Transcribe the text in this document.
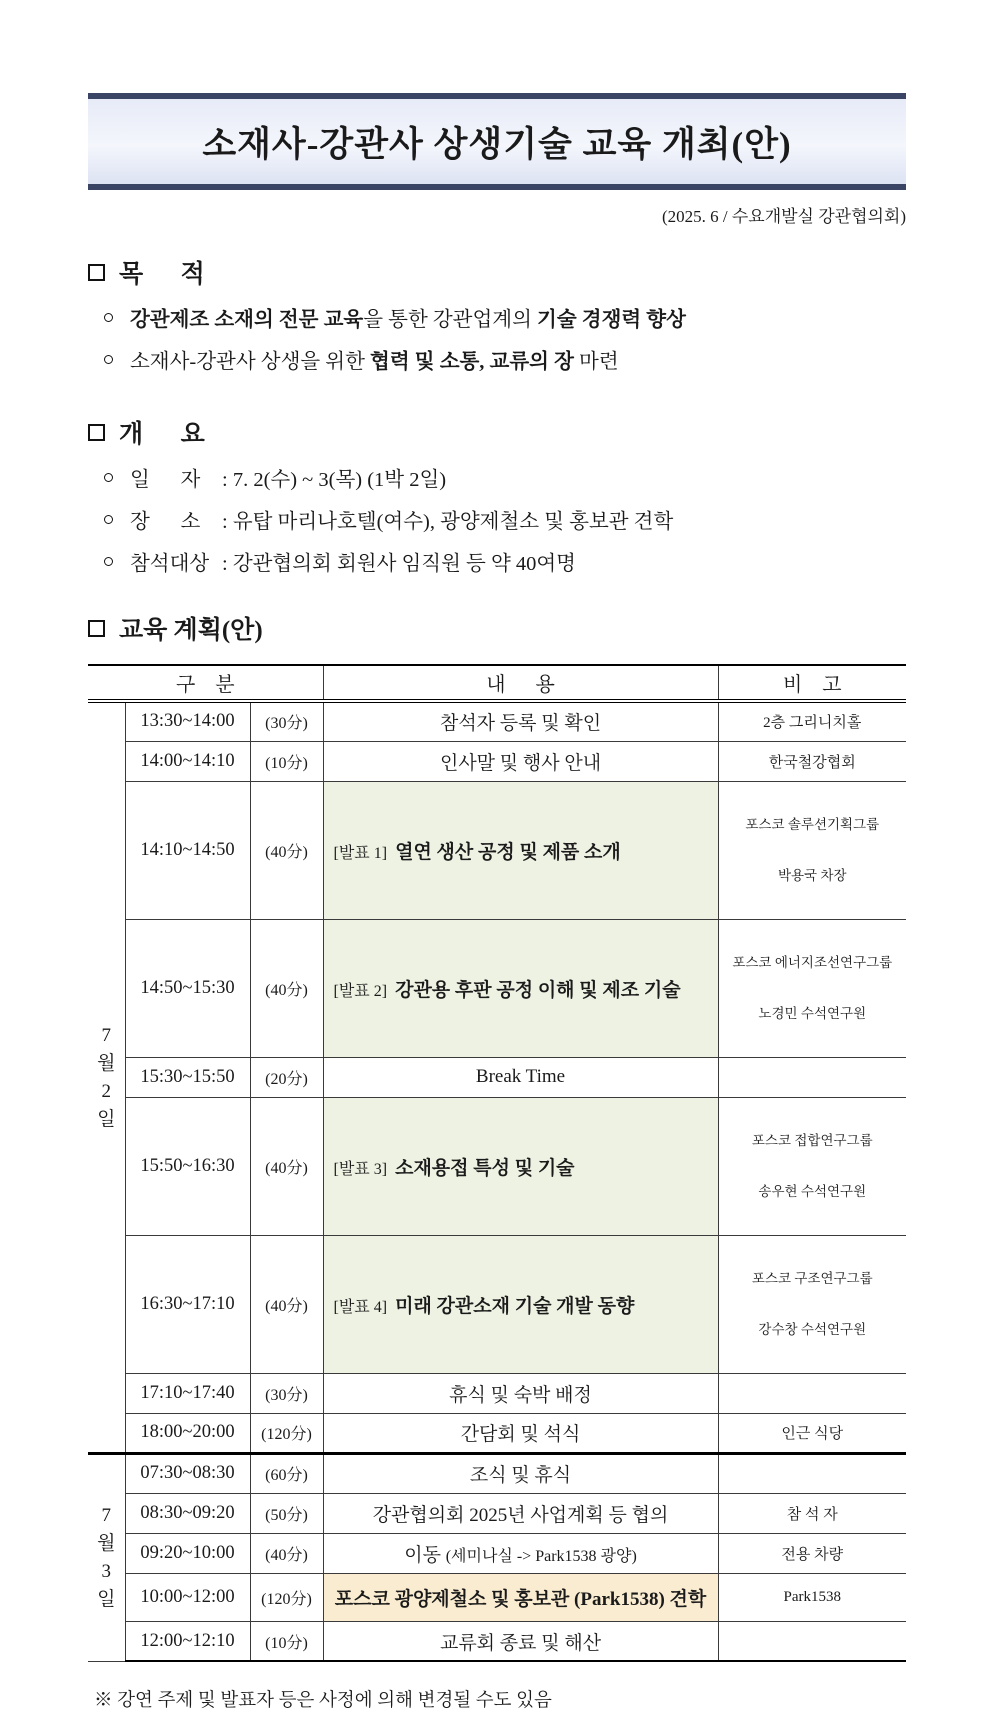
소재사-강관사 상생기술 교육 개최(안)
(2025. 6 / 수요개발실 강관협의회)
목      적
강관제조 소재의 전문 교육 을 통한 강관업계의 기술 경쟁력 향상
소재사-강관사 상생을 위한 협력 및 소통, 교류의 장 마련
개      요
일      자	: 7. 2(수) ~ 3(목) (1박 2일)
장      소	: 유탑 마리나호텔(여수), 광양제철소 및 홍보관 견학
참석대상 : 강관협의회 회원사 임직원 등 약 40여명
교육 계획(안)
구    분			내      용	비    고

7
월
2
일	13:30~14:00	(30分)	참석자 등록 및 확인	2층 그리니치홀
	14:00~14:10	(10分)	인사말 및 행사 안내	한국철강협회
	14:10~14:50	(40分)	[발표 1] 열연 생산 공정 및 제품 소개	포스코 솔루션기획그룹

박용국 차장

	14:50~15:30	(40分)	[발표 2] 강관용 후판 공정 이해 및 제조 기술	포스코 에너지조선연구그룹

노경민 수석연구원

	15:30~15:50	(20分)	Break Time	
	15:50~16:30	(40分)	[발표 3] 소재용접 특성 및 기술	포스코 접합연구그룹

송우현 수석연구원

	16:30~17:10	(40分)	[발표 4] 미래 강관소재 기술 개발 동향	포스코 구조연구그룹

강수창 수석연구원

	17:10~17:40	(30分)	휴식 및 숙박 배정	
	18:00~20:00	(120分)	간담회 및 석식	인근 식당

7
월
3
일	07:30~08:30	(60分)	조식 및 휴식	
	08:30~09:20	(50分)	강관협의회 2025년 사업계획 등 협의	참 석 자
	09:20~10:00	(40分)	이동 (세미나실 -> Park1538 광양)	전용 차량
	10:00~12:00	(120分)	포스코 광양제철소 및 홍보관 (Park1538) 견학	Park1538
	12:00~12:10	(10分)	교류회 종료 및 해산	
※ 강연 주제 및 발표자 등은 사정에 의해 변경될 수도 있음
